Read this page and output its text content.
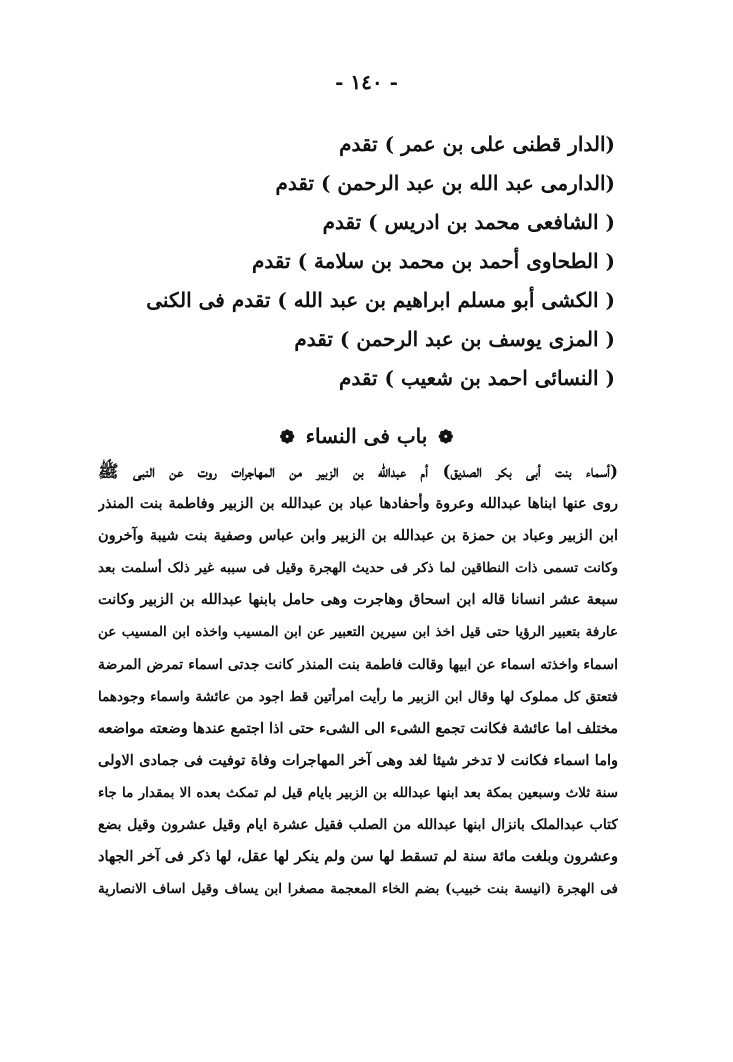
- ١٤٠ -
(الدار قطنی علی بن عمر ) تقدم
(الدارمی عبد الله بن عبد الرحمن ) تقدم
( الشافعی محمد بن ادریس ) تقدم
( الطحاوی أحمد بن محمد بن سلامة ) تقدم
( الکشی أبو مسلم ابراهیم بن عبد الله ) تقدم فی الکنی
( المزی یوسف بن عبد الرحمن ) تقدم
( النسائی احمد بن شعیب ) تقدم
❁ باب فی النساء ❁
(أسماء بنت أبی بکر الصدیق) أم عبدالله بن الزبیر من المهاجرات روت عن النبی ﷺ
روی عنها ابناها عبدالله وعروة وأحفادها عباد بن عبدالله بن الزبیر وفاطمة بنت المنذر
ابن الزبیر وعباد بن حمزة بن عبدالله بن الزبیر وابن عباس وصفیة بنت شیبة وآخرون
وکانت تسمی ذات النطاقین لما ذکر فی حدیث الهجرة وقیل فی سببه غیر ذلک أسلمت بعد
سبعة عشر انسانا قاله ابن اسحاق وهاجرت وهی حامل بابنها عبدالله بن الزبیر وکانت
عارفة بتعبیر الرؤیا حتی قیل اخذ ابن سیرین التعبیر عن ابن المسیب واخذه ابن المسیب عن
اسماء واخذته اسماء عن ابیها وقالت فاطمة بنت المنذر کانت جدتی اسماء تمرض المرضة
فتعتق کل مملوک لها وقال ابن الزبیر ما رأیت امرأتین قط اجود من عائشة واسماء وجودهما
مختلف اما عائشة فکانت تجمع الشیء الی الشیء حتی اذا اجتمع عندها وضعته مواضعه
واما اسماء فکانت لا تدخر شیئا لغد وهی آخر المهاجرات وفاة توفیت فی جمادی الاولی
سنة ثلاث وسبعین بمکة بعد ابنها عبدالله بن الزبیر بایام قیل لم تمکث بعده الا بمقدار ما جاء
کتاب عبدالملک بانزال ابنها عبدالله من الصلب فقیل عشرة ایام وقیل عشرون وقیل بضع
وعشرون وبلغت مائة سنة لم تسقط لها سن ولم ینکر لها عقل، لها ذکر فی آخر الجهاد
فی الهجرة (انیسة بنت خبیب) بضم الخاء المعجمة مصغرا ابن یساف وقیل اساف الانصاریة
